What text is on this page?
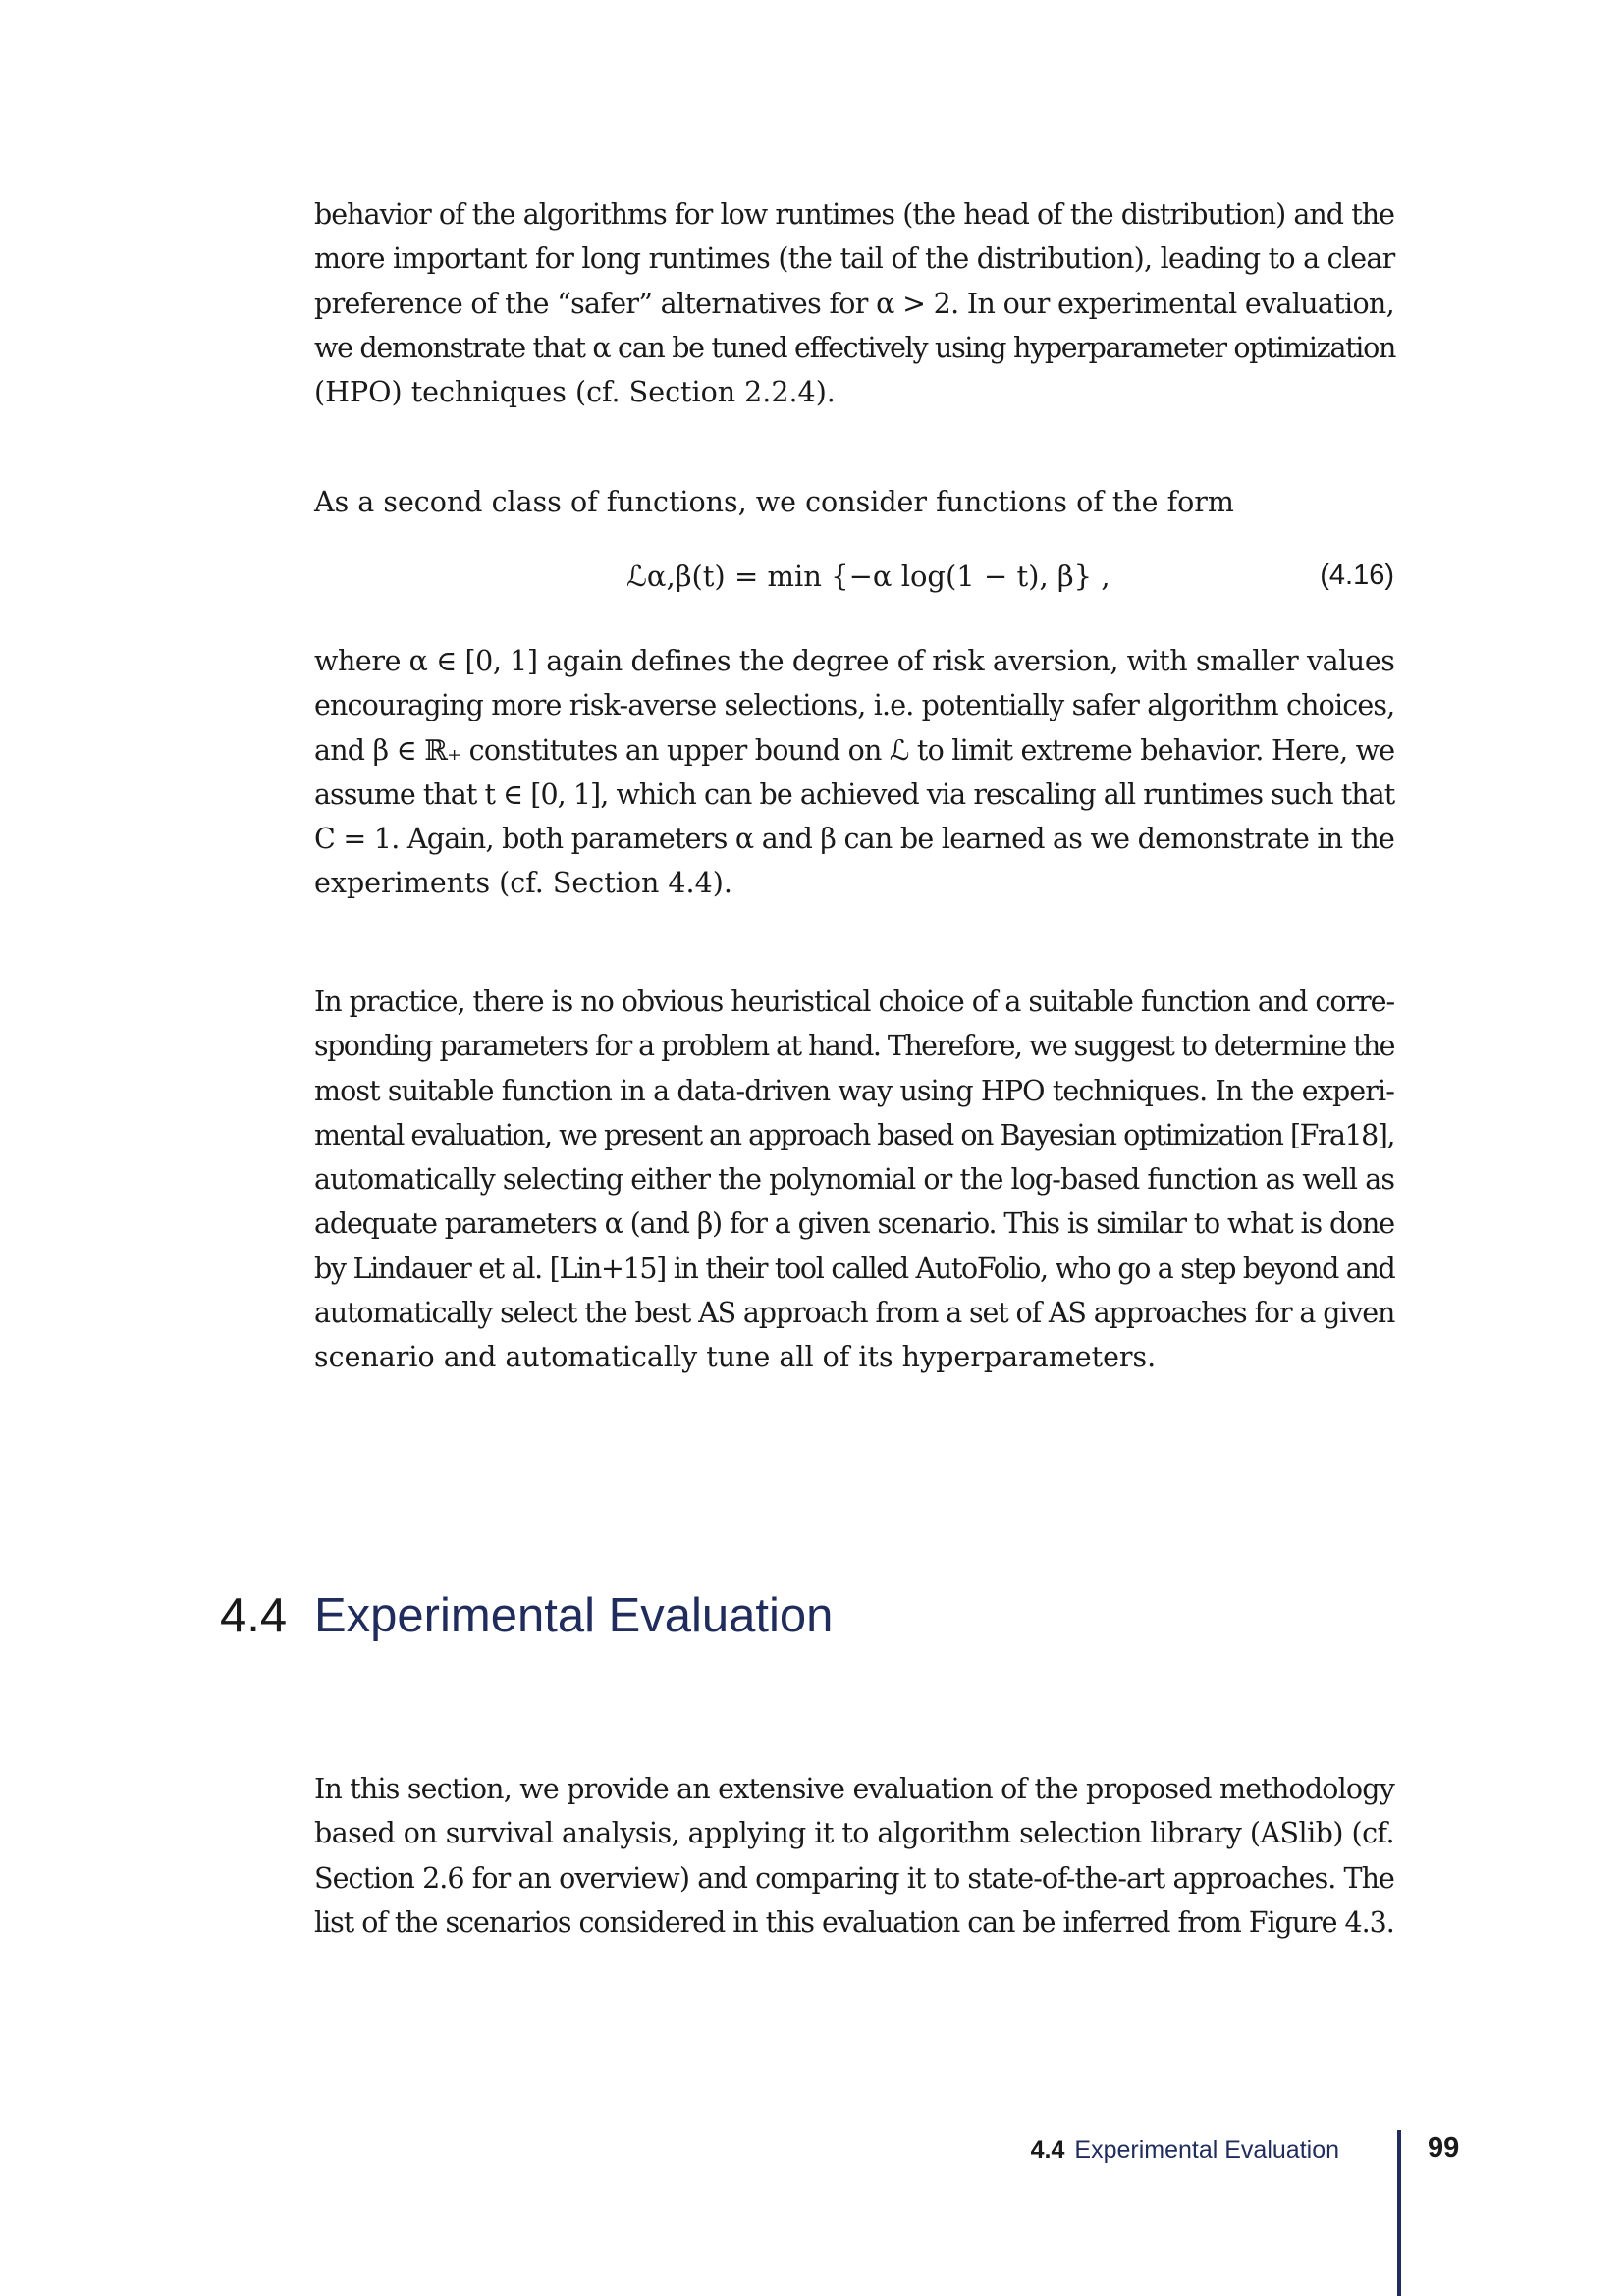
behavior of the algorithms for low runtimes (the head of the distribution) and the
more important for long runtimes (the tail of the distribution), leading to a clear
preference of the “safer” alternatives for α > 2. In our experimental evaluation,
we demonstrate that α can be tuned effectively using hyperparameter optimization
(HPO) techniques (cf. Section 2.2.4).
As a second class of functions, we consider functions of the form
ℒα,β(t) = min {−α log(1 − t), β} ,	(4.16)
where α ∈ [0, 1] again defines the degree of risk aversion, with smaller values
encouraging more risk-averse selections, i.e. potentially safer algorithm choices,
and β ∈ ℝ₊ constitutes an upper bound on ℒ to limit extreme behavior. Here, we
assume that t ∈ [0, 1], which can be achieved via rescaling all runtimes such that
C = 1. Again, both parameters α and β can be learned as we demonstrate in the
experiments (cf. Section 4.4).
In practice, there is no obvious heuristical choice of a suitable function and corre-
sponding parameters for a problem at hand. Therefore, we suggest to determine the
most suitable function in a data-driven way using HPO techniques. In the experi-
mental evaluation, we present an approach based on Bayesian optimization [Fra18],
automatically selecting either the polynomial or the log-based function as well as
adequate parameters α (and β) for a given scenario. This is similar to what is done
by Lindauer et al. [Lin+15] in their tool called AutoFolio, who go a step beyond and
automatically select the best AS approach from a set of AS approaches for a given
scenario and automatically tune all of its hyperparameters.
4.4 Experimental Evaluation
In this section, we provide an extensive evaluation of the proposed methodology
based on survival analysis, applying it to algorithm selection library (ASlib) (cf.
Section 2.6 for an overview) and comparing it to state-of-the-art approaches. The
list of the scenarios considered in this evaluation can be inferred from Figure 4.3.
4.4 Experimental Evaluation	99
